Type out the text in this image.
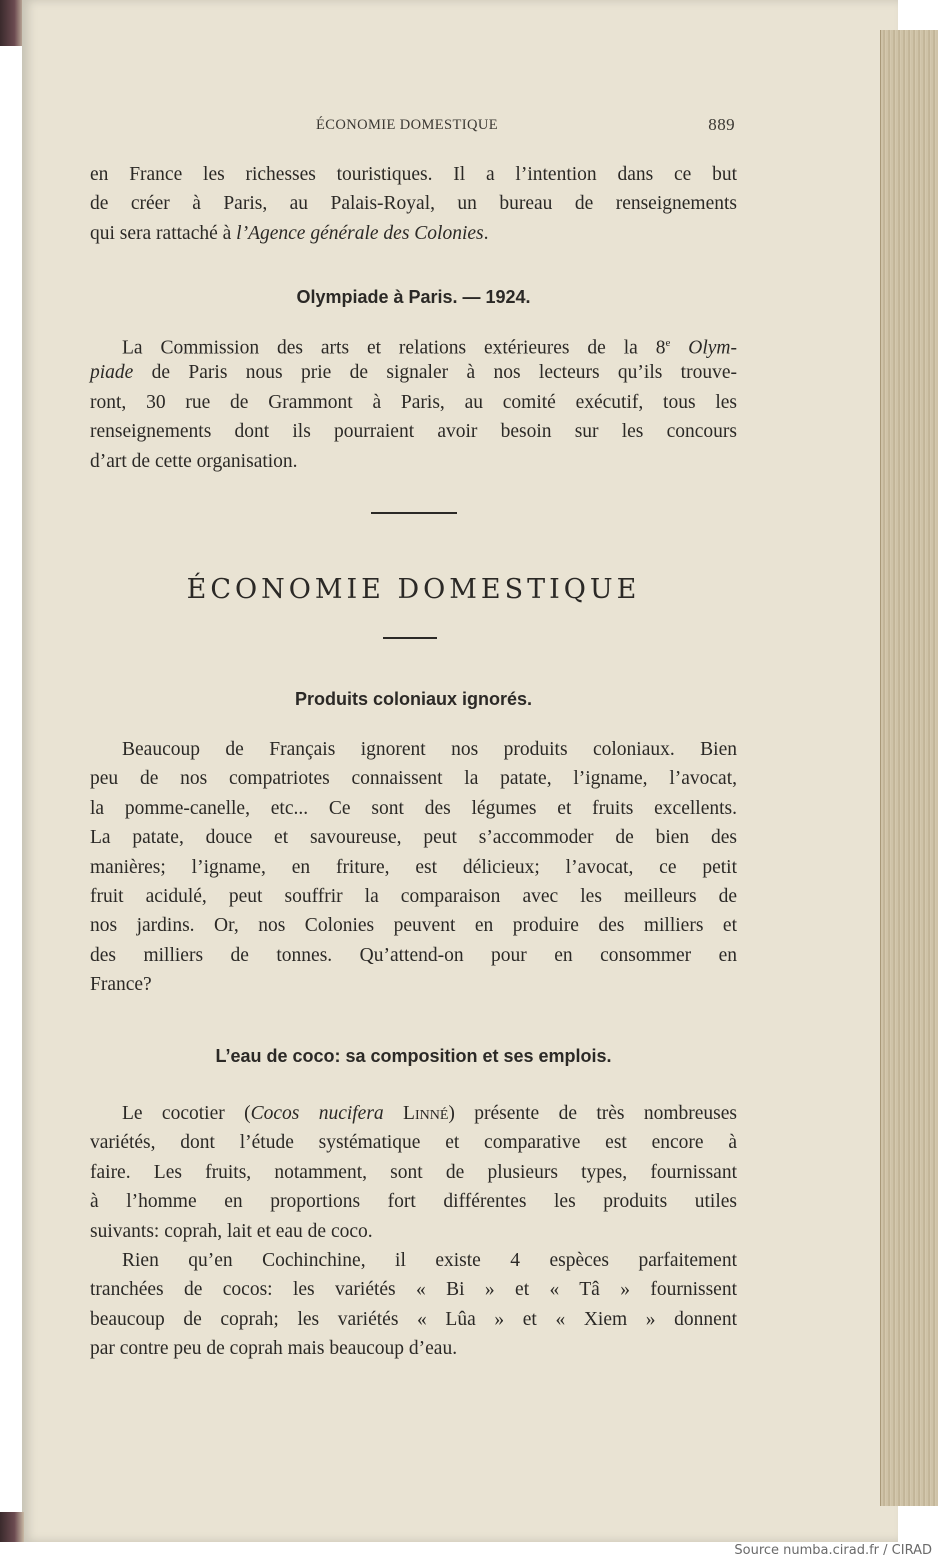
ÉCONOMIE DOMESTIQUE	889
en France les richesses touristiques. Il a l’intention dans ce but
de créer à Paris, au Palais-Royal, un bureau de renseignements
qui sera rattaché à l’Agence générale des Colonies.
Olympiade à Paris. — 1924.
La Commission des arts et relations extérieures de la 8e Olym-
piade de Paris nous prie de signaler à nos lecteurs qu’ils trouve-
ront, 30 rue de Grammont à Paris, au comité exécutif, tous les
renseignements dont ils pourraient avoir besoin sur les concours
d’art de cette organisation.
ÉCONOMIE DOMESTIQUE
Produits coloniaux ignorés.
Beaucoup de Français ignorent nos produits coloniaux. Bien
peu de nos compatriotes connaissent la patate, l’igname, l’avocat,
la pomme-canelle, etc... Ce sont des légumes et fruits excellents.
La patate, douce et savoureuse, peut s’accommoder de bien des
manières; l’igname, en friture, est délicieux; l’avocat, ce petit
fruit acidulé, peut souffrir la comparaison avec les meilleurs de
nos jardins. Or, nos Colonies peuvent en produire des milliers et
des milliers de tonnes. Qu’attend-on pour en consommer en
France?
L’eau de coco: sa composition et ses emplois.
Le cocotier (Cocos nucifera Linné) présente de très nombreuses
variétés, dont l’étude systématique et comparative est encore à
faire. Les fruits, notamment, sont de plusieurs types, fournissant
à l’homme en proportions fort différentes les produits utiles
suivants: coprah, lait et eau de coco.
Rien qu’en Cochinchine, il existe 4 espèces parfaitement
tranchées de cocos: les variétés « Bi » et « Tâ » fournissent
beaucoup de coprah; les variétés « Lûa » et « Xiem » donnent
par contre peu de coprah mais beaucoup d’eau.
Source numba.cirad.fr / CIRAD
